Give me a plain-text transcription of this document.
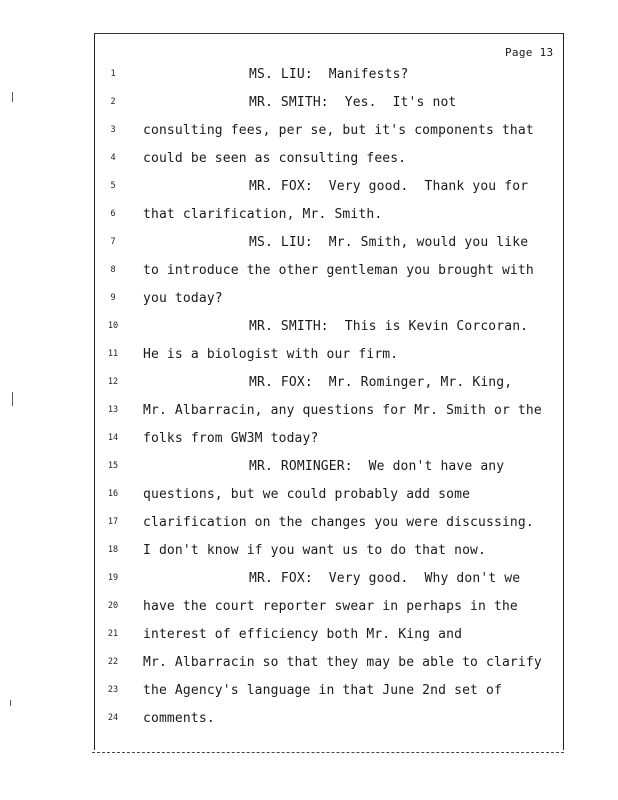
Page 13
1	MS. LIU:  Manifests?
2	MR. SMITH:  Yes.  It's not
3	consulting fees, per se, but it's components that
4	could be seen as consulting fees.
5	MR. FOX:  Very good.  Thank you for
6	that clarification, Mr. Smith.
7	MS. LIU:  Mr. Smith, would you like
8	to introduce the other gentleman you brought with
9	you today?
10	MR. SMITH:  This is Kevin Corcoran.
11 He is a biologist with our firm.
12	MR. FOX:  Mr. Rominger, Mr. King,
13 Mr. Albarracin, any questions for Mr. Smith or the
14 folks from GW3M today?
15	MR. ROMINGER:  We don't have any
16 questions, but we could probably add some
17 clarification on the changes you were discussing.
18 I don't know if you want us to do that now.
19	MR. FOX:  Very good.  Why don't we
20 have the court reporter swear in perhaps in the
21 interest of efficiency both Mr. King and
22 Mr. Albarracin so that they may be able to clarify
23 the Agency's language in that June 2nd set of
24 comments.
